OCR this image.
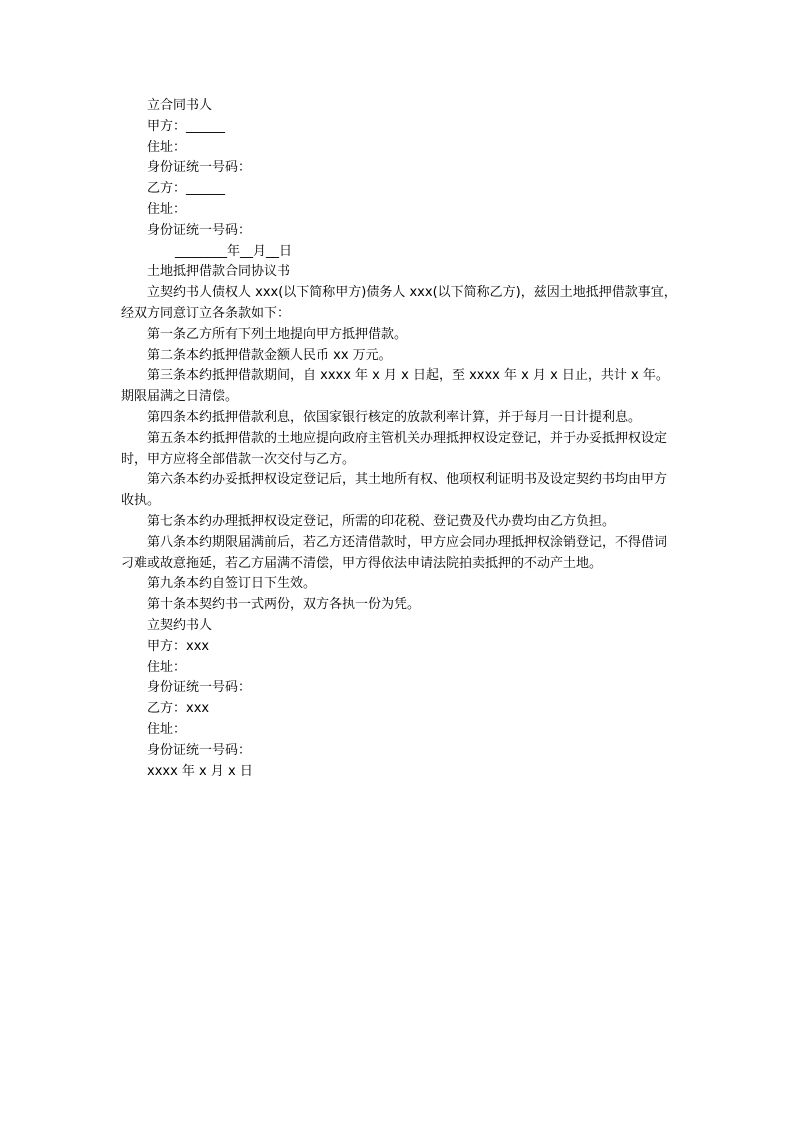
立合同书人

甲方：______

住址：

身份证统一号码：

乙方：______

住址：

身份证统一号码：

________年__月__日

土地抵押借款合同协议书

立契约书人债权人 xxx(以下简称甲方)债务人 xxx(以下简称乙方)，兹因土地抵押借款事宜，经双方同意订立各条款如下：

第一条乙方所有下列土地提向甲方抵押借款。

第二条本约抵押借款金额人民币 xx 万元。

第三条本约抵押借款期间，自 xxxx 年 x 月 x 日起，至 xxxx 年 x 月 x 日止，共计 x 年。期限届满之日清偿。

第四条本约抵押借款利息，依国家银行核定的放款利率计算，并于每月一日计提利息。

第五条本约抵押借款的土地应提向政府主管机关办理抵押权设定登记，并于办妥抵押权设定时，甲方应将全部借款一次交付与乙方。

第六条本约办妥抵押权设定登记后，其土地所有权、他项权利证明书及设定契约书均由甲方收执。

第七条本约办理抵押权设定登记，所需的印花税、登记费及代办费均由乙方负担。

第八条本约期限届满前后，若乙方还清借款时，甲方应会同办理抵押权涂销登记，不得借词刁难或故意拖延，若乙方届满不清偿，甲方得依法申请法院拍卖抵押的不动产土地。

第九条本约自签订日下生效。

第十条本契约书一式两份，双方各执一份为凭。

立契约书人

甲方：xxx

住址：

身份证统一号码：

乙方：xxx

住址：

身份证统一号码：

xxxx 年 x 月 x 日
